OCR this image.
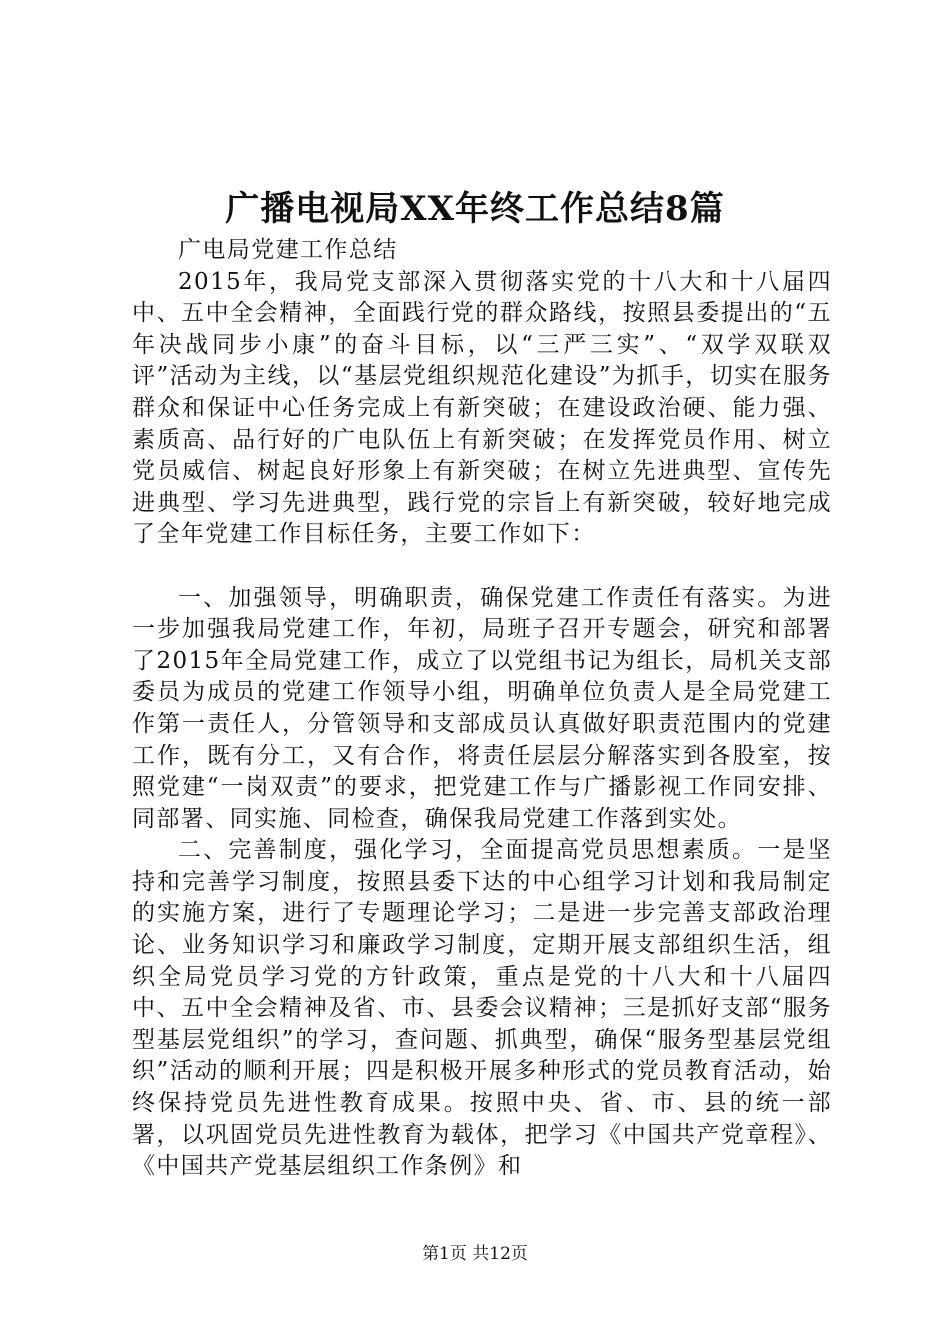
广播电视局XX年终工作总结8篇

广电局党建工作总结

2015年，我局党支部深入贯彻落实党的十八大和十八届四中、五中全会精神，全面践行党的群众路线，按照县委提出的“五年决战同步小康”的奋斗目标，以“三严三实”、“双学双联双评”活动为主线，以“基层党组织规范化建设”为抓手，切实在服务群众和保证中心任务完成上有新突破；在建设政治硬、能力强、素质高、品行好的广电队伍上有新突破；在发挥党员作用、树立党员威信、树起良好形象上有新突破；在树立先进典型、宣传先进典型、学习先进典型，践行党的宗旨上有新突破，较好地完成了全年党建工作目标任务，主要工作如下：

一、加强领导，明确职责，确保党建工作责任有落实。为进一步加强我局党建工作，年初，局班子召开专题会，研究和部署了2015年全局党建工作，成立了以党组书记为组长，局机关支部委员为成员的党建工作领导小组，明确单位负责人是全局党建工作第一责任人，分管领导和支部成员认真做好职责范围内的党建工作，既有分工，又有合作，将责任层层分解落实到各股室，按照党建“一岗双责”的要求，把党建工作与广播影视工作同安排、同部署、同实施、同检查，确保我局党建工作落到实处。

二、完善制度，强化学习，全面提高党员思想素质。一是坚持和完善学习制度，按照县委下达的中心组学习计划和我局制定的实施方案，进行了专题理论学习；二是进一步完善支部政治理论、业务知识学习和廉政学习制度，定期开展支部组织生活，组织全局党员学习党的方针政策，重点是党的十八大和十八届四中、五中全会精神及省、市、县委会议精神；三是抓好支部“服务型基层党组织”的学习，查问题、抓典型，确保“服务型基层党组织”活动的顺利开展；四是积极开展多种形式的党员教育活动，始终保持党员先进性教育成果。按照中央、省、市、县的统一部署，以巩固党员先进性教育为载体，把学习《中国共产党章程》、《中国共产党基层组织工作条例》和

第1页 共12页
